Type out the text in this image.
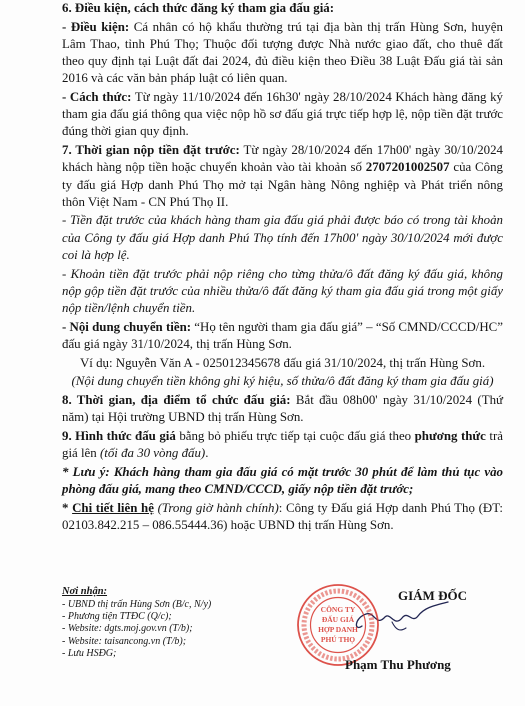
6. Điều kiện, cách thức đăng ký tham gia đấu giá:

- Điều kiện: Cá nhân có hộ khẩu thường trú tại địa bàn thị trấn Hùng Sơn, huyện Lâm Thao, tỉnh Phú Thọ; Thuộc đối tượng được Nhà nước giao đất, cho thuê đất theo quy định tại Luật đất đai 2024, đủ điều kiện theo Điều 38 Luật Đấu giá tài sản 2016 và các văn bản pháp luật có liên quan.

- Cách thức: Từ ngày 11/10/2024 đến 16h30' ngày 28/10/2024 Khách hàng đăng ký tham gia đấu giá thông qua việc nộp hồ sơ đấu giá trực tiếp hợp lệ, nộp tiền đặt trước đúng thời gian quy định.

7. Thời gian nộp tiền đặt trước: Từ ngày 28/10/2024 đến 17h00' ngày 30/10/2024 khách hàng nộp tiền hoặc chuyển khoản vào tài khoản số 2707201002507 của Công ty đấu giá Hợp danh Phú Thọ mở tại Ngân hàng Nông nghiệp và Phát triển nông thôn Việt Nam - CN Phú Thọ II.

- Tiền đặt trước của khách hàng tham gia đấu giá phải được báo có trong tài khoản của Công ty đấu giá Hợp danh Phú Thọ tính đến 17h00' ngày 30/10/2024 mới được coi là hợp lệ.

- Khoản tiền đặt trước phải nộp riêng cho từng thửa/ô đất đăng ký đấu giá, không nộp gộp tiền đặt trước của nhiều thửa/ô đất đăng ký tham gia đấu giá trong một giấy nộp tiền/lệnh chuyển tiền.

- Nội dung chuyển tiền: “Họ tên người tham gia đấu giá” – “Số CMND/CCCD/HC” đấu giá ngày 31/10/2024, thị trấn Hùng Sơn.

Ví dụ: Nguyễn Văn A - 025012345678 đấu giá 31/10/2024, thị trấn Hùng Sơn.

(Nội dung chuyển tiền không ghi ký hiệu, số thửa/ô đất đăng ký tham gia đấu giá)

8. Thời gian, địa điểm tổ chức đấu giá: Bắt đầu 08h00' ngày 31/10/2024 (Thứ năm) tại Hội trường UBND thị trấn Hùng Sơn.

9. Hình thức đấu giá bằng bỏ phiếu trực tiếp tại cuộc đấu giá theo phương thức trả giá lên (tối đa 30 vòng đấu).

* Lưu ý: Khách hàng tham gia đấu giá có mặt trước 30 phút để làm thủ tục vào phòng đấu giá, mang theo CMND/CCCD, giấy nộp tiền đặt trước;

* Chi tiết liên hệ (Trong giờ hành chính): Công ty Đấu giá Hợp danh Phú Thọ (ĐT: 02103.842.215 – 086.55444.36) hoặc UBND thị trấn Hùng Sơn.

Nơi nhận:
- UBND thị trấn Hùng Sơn (B/c, N/y)
- Phương tiện TTĐC (Q/c);
- Website: dgts.moj.gov.vn (T/b);
- Website: taisancong.vn (T/b);
- Lưu HSĐG;
CÔNG TY
ĐẤU GIÁ
HỢP DANH
PHÚ THỌ
GIÁM ĐỐC
Phạm Thu Phương
